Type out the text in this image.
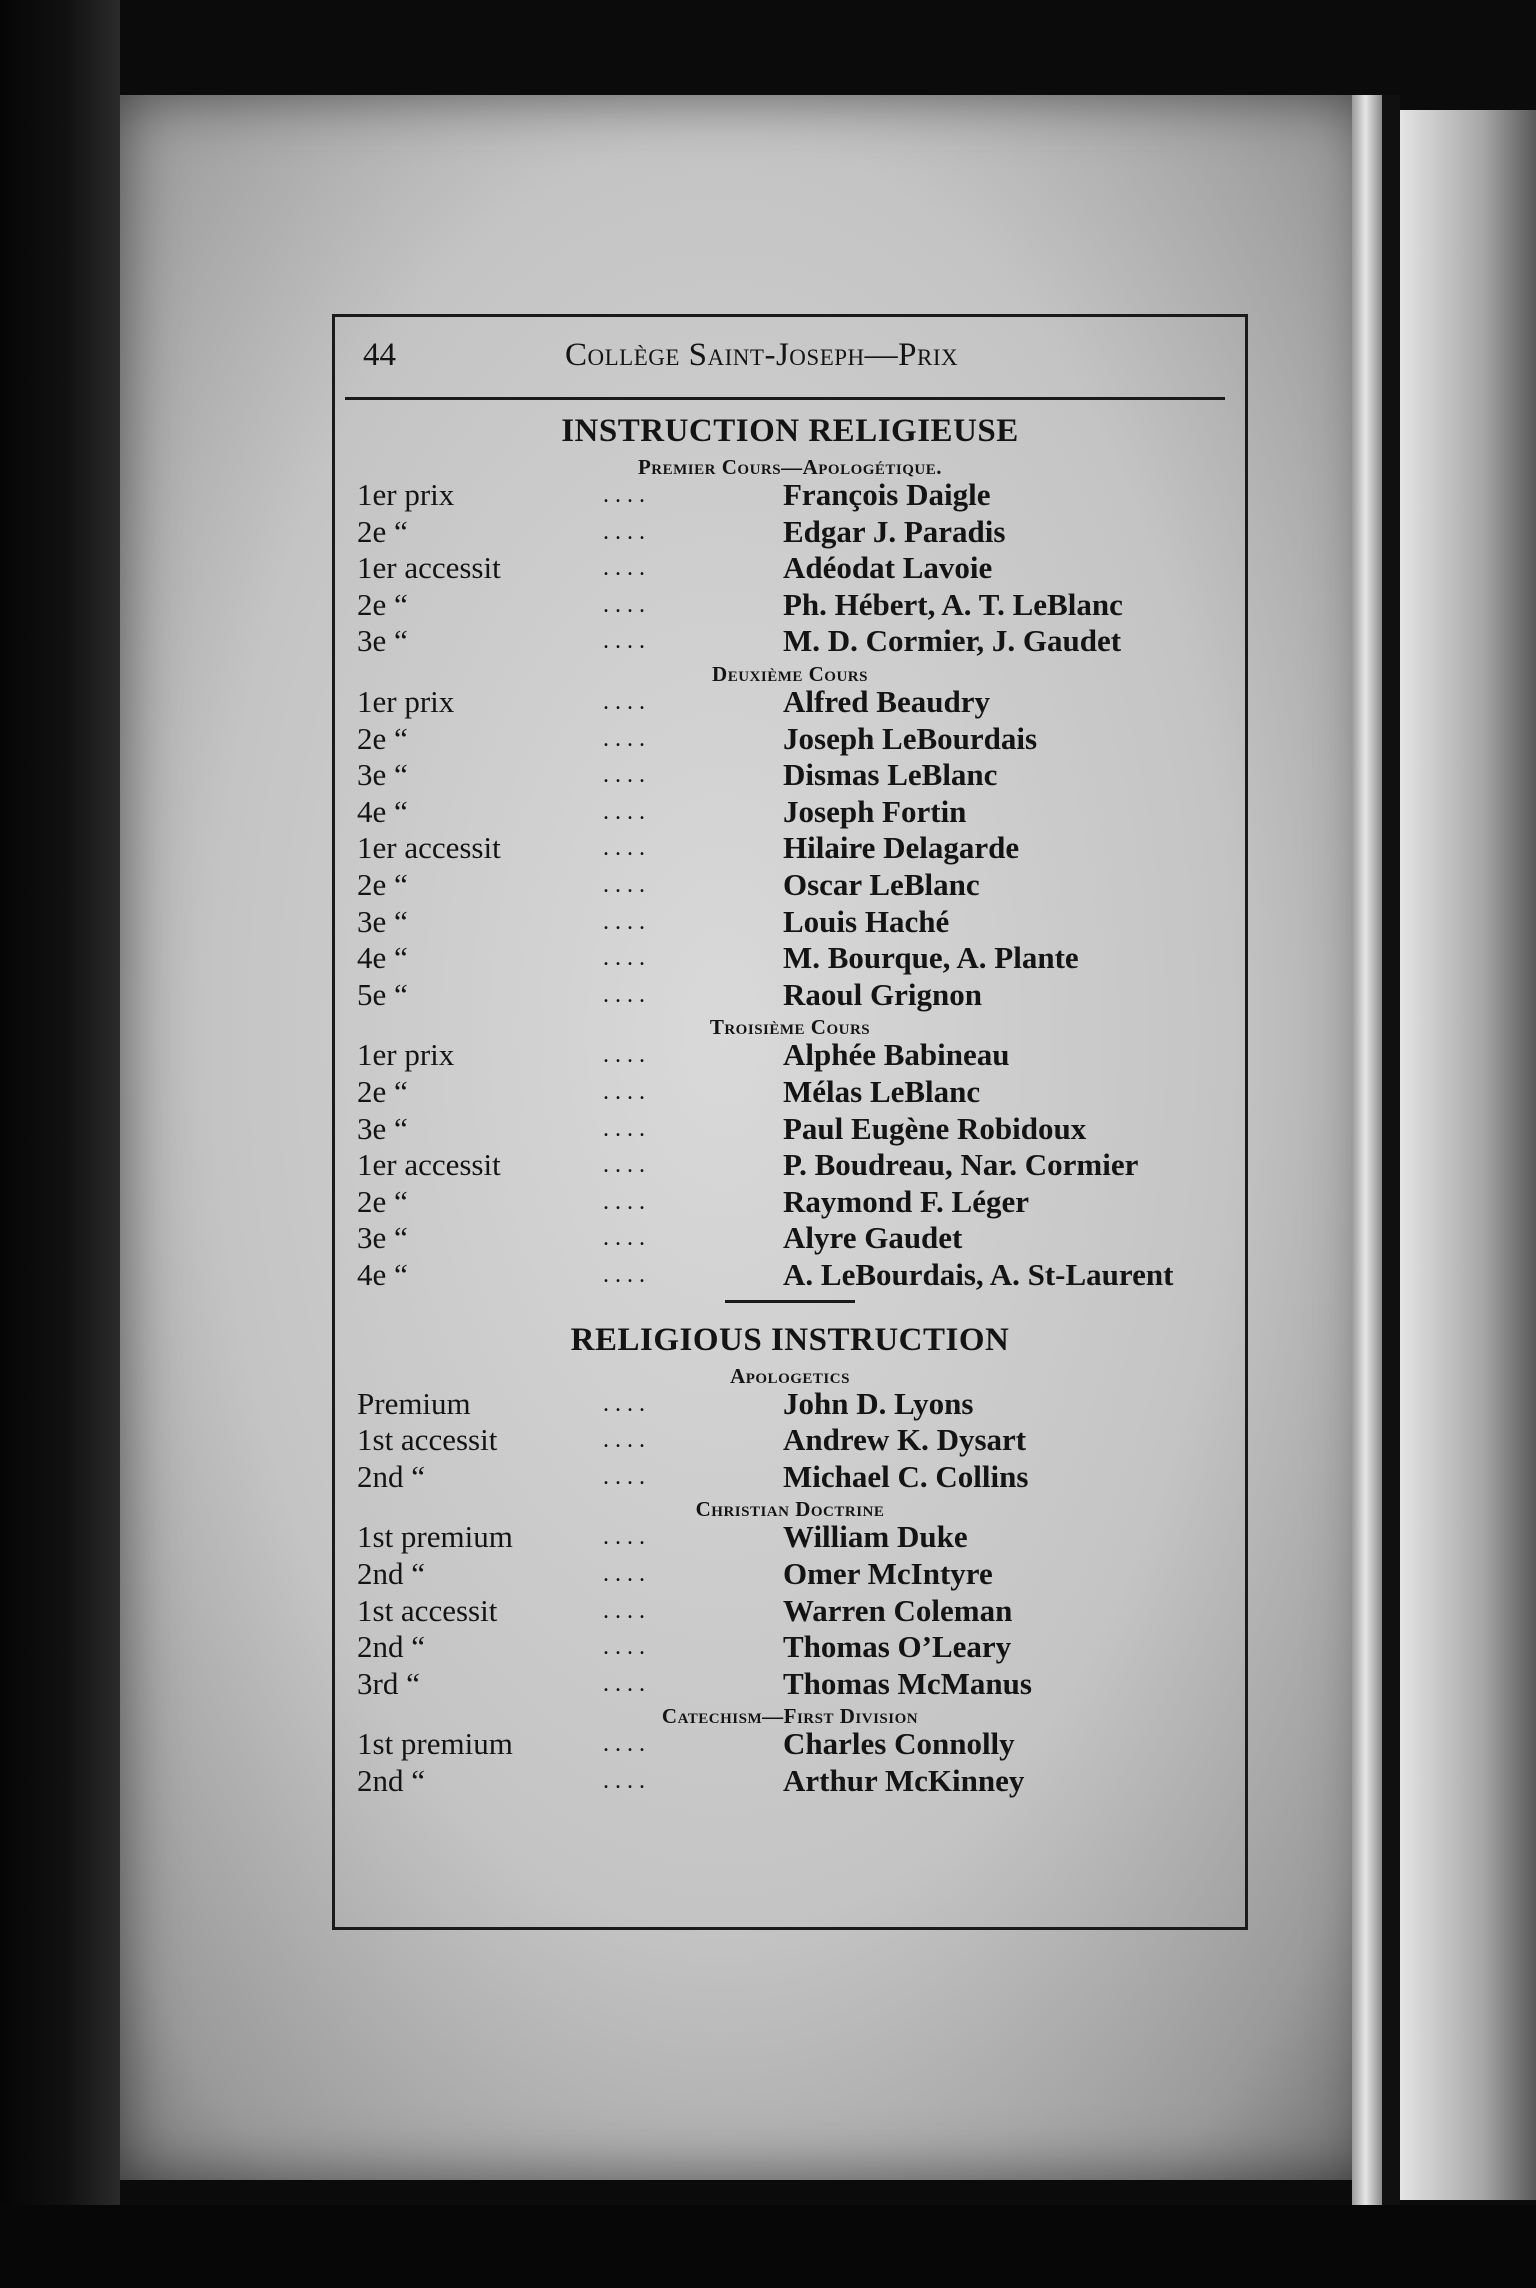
44	Collège Saint-Joseph—Prix
INSTRUCTION RELIGIEUSE
Premier Cours—Apologétique.
1er prix	....	François Daigle
2e “	....	Edgar J. Paradis
1er accessit	....	Adéodat Lavoie
2e “	....	Ph. Hébert, A. T. LeBlanc
3e “	....	M. D. Cormier, J. Gaudet
Deuxième Cours
1er prix	....	Alfred Beaudry
2e “	....	Joseph LeBourdais
3e “	....	Dismas LeBlanc
4e “	....	Joseph Fortin
1er accessit	....	Hilaire Delagarde
2e “	....	Oscar LeBlanc
3e “	....	Louis Haché
4e “	....	M. Bourque, A. Plante
5e “	....	Raoul Grignon
Troisième Cours
1er prix	....	Alphée Babineau
2e “	....	Mélas LeBlanc
3e “	....	Paul Eugène Robidoux
1er accessit	....	P. Boudreau, Nar. Cormier
2e “	....	Raymond F. Léger
3e “	....	Alyre Gaudet
4e “	....	A. LeBourdais, A. St-Laurent
RELIGIOUS INSTRUCTION
Apologetics
Premium	....	John D. Lyons
1st accessit	....	Andrew K. Dysart
2nd “	....	Michael C. Collins
Christian Doctrine
1st premium	....	William Duke
2nd “	....	Omer McIntyre
1st accessit	....	Warren Coleman
2nd “	....	Thomas O’Leary
3rd “	....	Thomas McManus
Catechism—First Division
1st premium	....	Charles Connolly
2nd “	....	Arthur McKinney
